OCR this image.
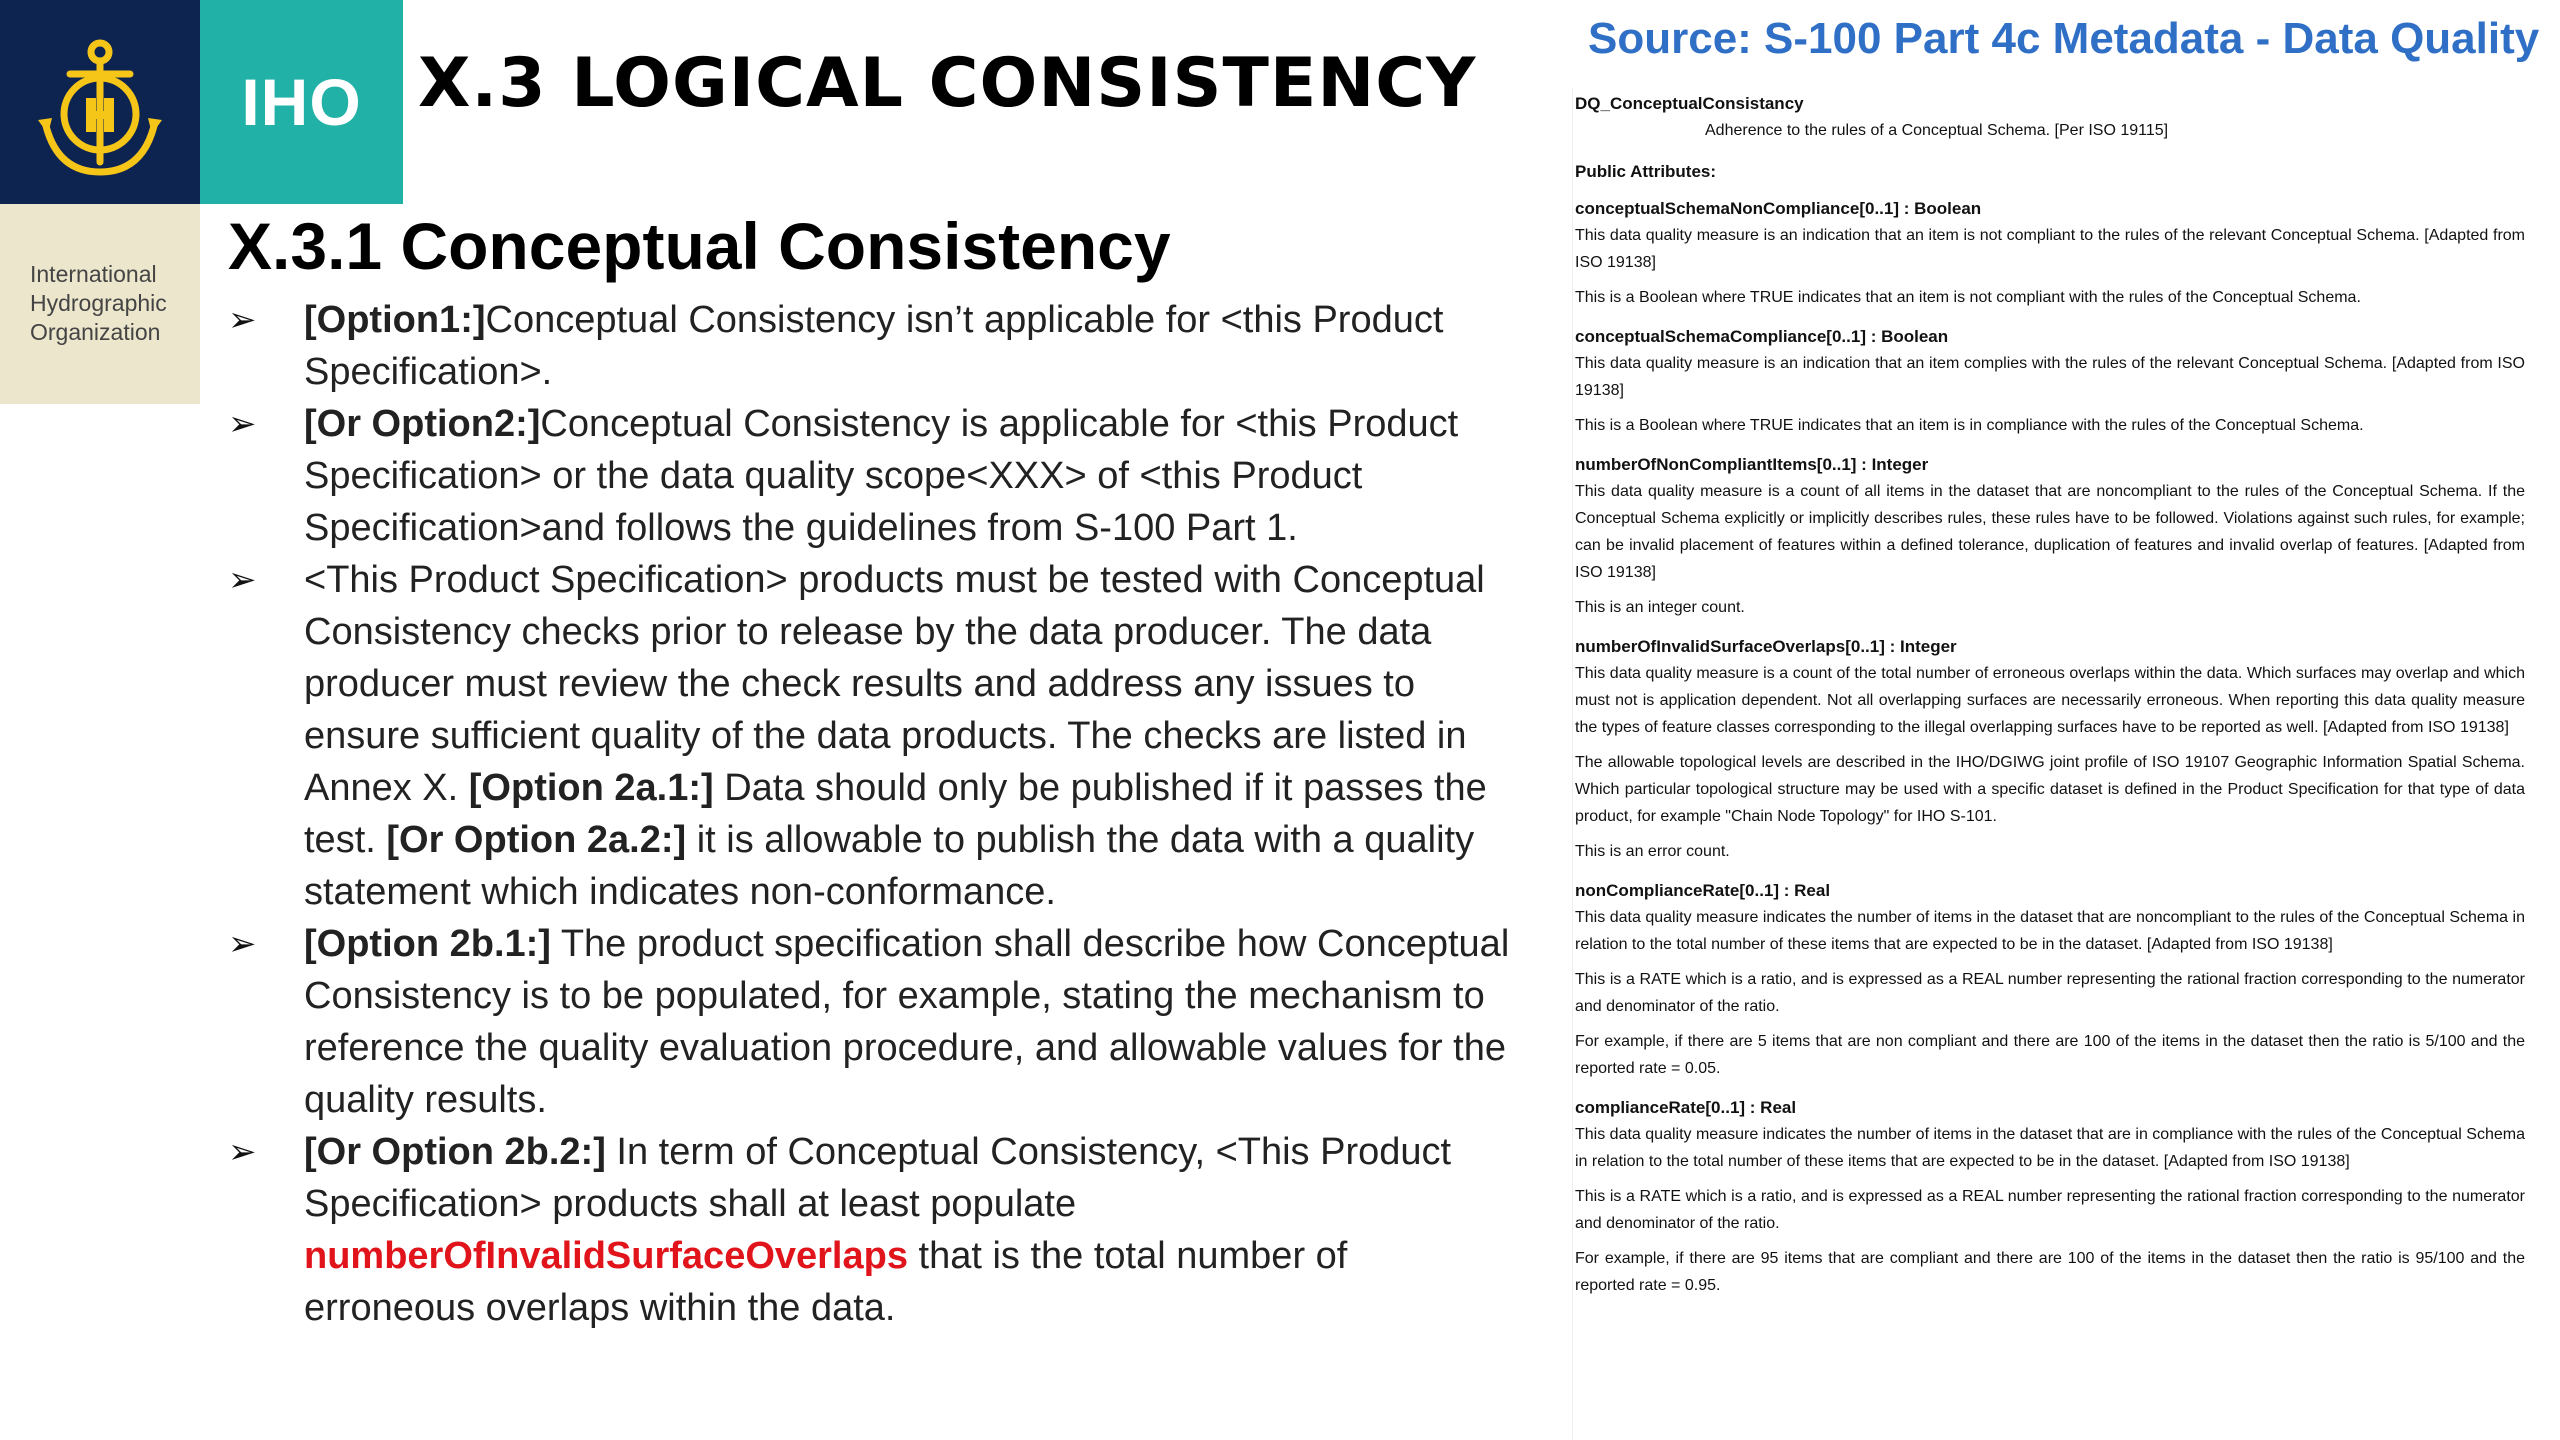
IHO
International
Hydrographic
Organization
X.3 LOGICAL CONSISTENCY
X.3.1 Conceptual Consistency
➢ [Option1:]Conceptual Consistency isn’t applicable for <this Product Specification>.
➢ [Or Option2:]Conceptual Consistency is applicable for <this Product Specification> or the data quality scope<XXX> of <this Product Specification>and follows the guidelines from S-100 Part 1.
➢ <This Product Specification> products must be tested with Conceptual Consistency checks prior to release by the data producer. The data producer must review the check results and address any issues to ensure sufficient quality of the data products. The checks are listed in Annex X. [Option 2a.1:] Data should only be published if it passes the test. [Or Option 2a.2:] it is allowable to publish the data with a quality statement which indicates non-conformance.
➢ [Option 2b.1:] The product specification shall describe how Conceptual Consistency is to be populated, for example, stating the mechanism to reference the quality evaluation procedure, and allowable values for the quality results.
➢ [Or Option 2b.2:] In term of Conceptual Consistency, <This Product Specification> products shall at least populate numberOfInvalidSurfaceOverlaps that is the total number of erroneous overlaps within the data.
Source: S-100 Part 4c Metadata - Data Quality

DQ_ConceptualConsistancy

Adherence to the rules of a Conceptual Schema. [Per ISO 19115]

Public Attributes:

conceptualSchemaNonCompliance[0..1] : Boolean

This data quality measure is an indication that an item is not compliant to the rules of the relevant Conceptual Schema. [Adapted from ISO 19138]

This is a Boolean where TRUE indicates that an item is not compliant with the rules of the Conceptual Schema.

conceptualSchemaCompliance[0..1] : Boolean

This data quality measure is an indication that an item complies with the rules of the relevant Conceptual Schema. [Adapted from ISO 19138]

This is a Boolean where TRUE indicates that an item is in compliance with the rules of the Conceptual Schema.

numberOfNonCompliantItems[0..1] : Integer

This data quality measure is a count of all items in the dataset that are noncompliant to the rules of the Conceptual Schema. If the Conceptual Schema explicitly or implicitly describes rules, these rules have to be followed. Violations against such rules, for example; can be invalid placement of features within a defined tolerance, duplication of features and invalid overlap of features. [Adapted from ISO 19138]

This is an integer count.

numberOfInvalidSurfaceOverlaps[0..1] : Integer

This data quality measure is a count of the total number of erroneous overlaps within the data. Which surfaces may overlap and which must not is application dependent. Not all overlapping surfaces are necessarily erroneous. When reporting this data quality measure the types of feature classes corresponding to the illegal overlapping surfaces have to be reported as well. [Adapted from ISO 19138]

The allowable topological levels are described in the IHO/DGIWG joint profile of ISO 19107 Geographic Information Spatial Schema. Which particular topological structure may be used with a specific dataset is defined in the Product Specification for that type of data product, for example "Chain Node Topology" for IHO S-101.

This is an error count.

nonComplianceRate[0..1] : Real

This data quality measure indicates the number of items in the dataset that are noncompliant to the rules of the Conceptual Schema in relation to the total number of these items that are expected to be in the dataset. [Adapted from ISO 19138]

This is a RATE which is a ratio, and is expressed as a REAL number representing the rational fraction corresponding to the numerator and denominator of the ratio.

For example, if there are 5 items that are non compliant and there are 100 of the items in the dataset then the ratio is 5/100 and the reported rate = 0.05.

complianceRate[0..1] : Real

This data quality measure indicates the number of items in the dataset that are in compliance with the rules of the Conceptual Schema in relation to the total number of these items that are expected to be in the dataset. [Adapted from ISO 19138]

This is a RATE which is a ratio, and is expressed as a REAL number representing the rational fraction corresponding to the numerator and denominator of the ratio.

For example, if there are 95 items that are compliant and there are 100 of the items in the dataset then the ratio is 95/100 and the reported rate = 0.95.
